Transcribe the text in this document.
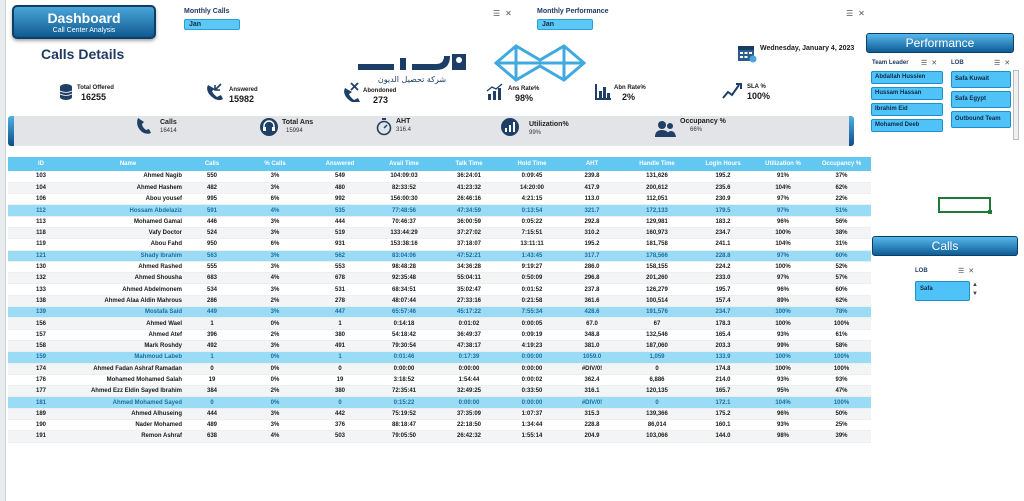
Dashboard
Call Center Analysis
Monthly Calls
Jan
☰✕	Monthly Performance
Jan
☰✕
Calls Details
شركة تحصيل الديون
Wednesday, January 4, 2023
Total Offered
16255
Answered
15982
Abondoned
273
Ans Rate%
98%
Abn Rate%
2%
SLA %
100%
Calls
16414
Total Ans
15994
AHT
316.4
Utilization%
99%
Occupancy %
66%
ID	Name	Calls	% Calls	Answered	Avail Time	Talk Time	Hold Time	AHT	Handle Time	Login Hours	Utilization %	Occupancy %
103	Ahmed Nagib	550	3%	549	104:09:03	36:24:01	0:09:45	239.8	131,626	195.2	91%	37%
104	Ahmed Hashem	482	3%	480	82:33:52	41:23:32	14:20:00	417.9	200,612	235.6	104%	62%
106	Abou yousef	995	6%	992	156:00:30	26:46:16	4:21:15	113.0	112,051	230.9	97%	22%
112	Hossam Abdelaziz	591	4%	535	77:48:56	47:34:59	0:13:54	321.7	172,133	179.5	97%	51%
113	Mohamed Gamal	446	3%	444	70:46:37	36:00:59	0:05:22	292.8	129,981	183.2	96%	56%
118	Vafy Doctor	524	3%	519	133:44:29	37:27:02	7:15:51	310.2	160,973	234.7	100%	38%
119	Abou Fahd	950	6%	931	153:38:16	37:18:07	13:11:11	195.2	181,758	241.1	104%	31%
121	Shady Ibrahim	563	3%	562	83:04:06	47:52:21	1:43:45	317.7	178,566	228.8	97%	60%
130	Ahmed Rashed	555	3%	553	98:48:28	34:36:28	9:19:27	286.0	158,155	224.2	100%	52%
132	Ahmed Shousha	683	4%	678	92:35:48	55:04:11	0:50:09	296.8	201,260	233.0	97%	57%
133	Ahmed Abdelmonem	534	3%	531	68:34:51	35:02:47	0:01:52	237.8	126,279	195.7	96%	60%
138	Ahmed Alaa Aldin Mahrous	286	2%	278	48:07:44	27:33:16	0:21:58	361.6	100,514	157.4	89%	62%
139	Mostafa Said	449	3%	447	65:57:46	45:17:22	7:55:34	428.6	191,576	234.7	100%	78%
156	Ahmed Wael	1	0%	1	0:14:18	0:01:02	0:00:05	67.0	67	178.3	100%	100%
157	Ahmed Atef	396	2%	380	54:18:42	36:49:37	0:09:19	348.8	132,546	165.4	93%	61%
158	Mark Roshdy	492	3%	491	79:30:54	47:38:17	4:19:23	381.0	187,060	203.3	99%	58%
159	Mahmoud Labeb	1	0%	1	0:01:46	0:17:39	0:00:00	1059.0	1,059	133.9	100%	100%
174	Ahmed Fadan Ashraf Ramadan	0	0%	0	0:00:00	0:00:00	0:00:00	#DIV/0!	0	174.8	100%	100%
176	Mohamed Mohamed Salah	19	0%	19	3:18:52	1:54:44	0:00:02	362.4	6,886	214.0	93%	93%
177	Ahmed Ezz Eldin Sayed Ibrahim	384	2%	380	72:35:41	32:49:25	0:33:50	316.1	120,135	165.7	95%	47%
181	Ahmed Mohamed Sayed	0	0%	0	0:15:22	0:00:00	0:00:00	#DIV/0!	0	172.1	104%	100%
189	Ahmed Alhuseing	444	3%	442	75:19:52	37:35:09	1:07:37	315.3	139,366	175.2	96%	50%
190	Nader Mohamed	489	3%	376	88:18:47	22:18:50	1:34:44	228.8	86,014	160.1	93%	25%
191	Remon Ashraf	638	4%	503	79:05:50	26:42:32	1:55:14	204.9	103,066	144.0	98%	39%
Performance
Team Leader ☰✕ LOB	☰✕
Abdallah Hussien
Hussam Hassan
Ibrahim Eid
Mohamed Deeb
Safa Kuwait
Safa Egypt
Outbound Team
Calls
LOB	☰✕
Safa
▲
▼
